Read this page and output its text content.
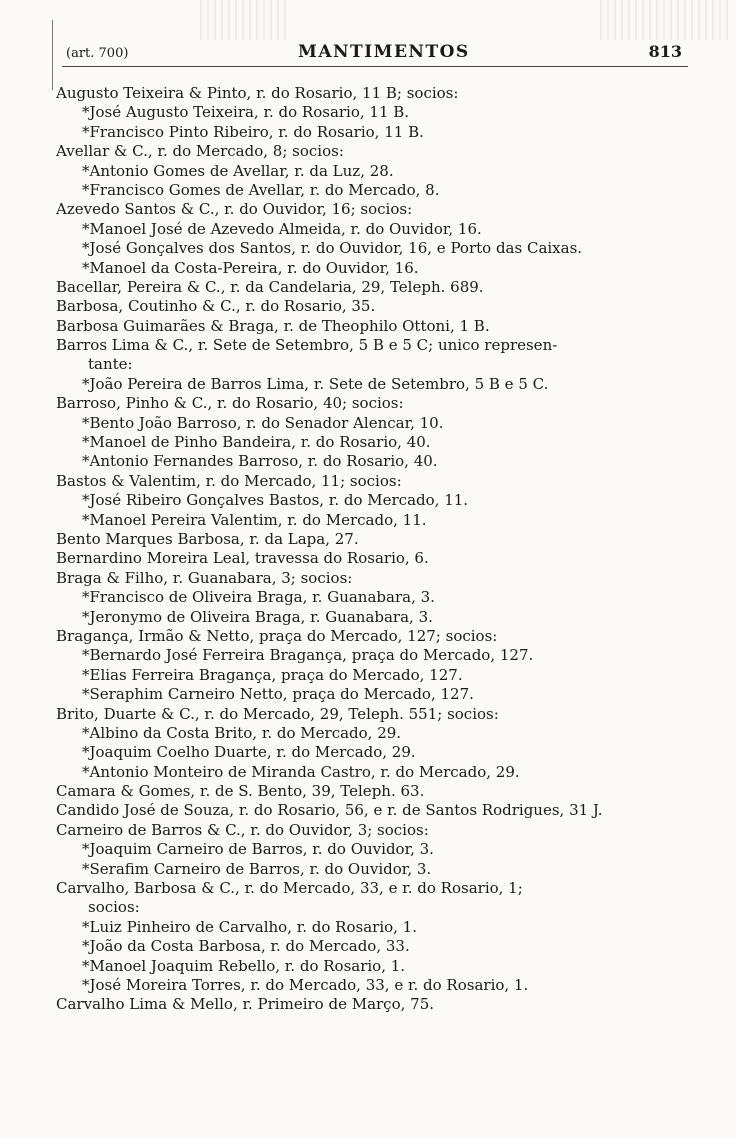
(art. 700)	MANTIMENTOS	813
Augusto Teixeira & Pinto, r. do Rosario, 11 B; socios:
*José Augusto Teixeira, r. do Rosario, 11 B.
*Francisco Pinto Ribeiro, r. do Rosario, 11 B.
Avellar & C., r. do Mercado, 8; socios:
*Antonio Gomes de Avellar, r. da Luz, 28.
*Francisco Gomes de Avellar, r. do Mercado, 8.
Azevedo Santos & C., r. do Ouvidor, 16; socios:
*Manoel José de Azevedo Almeida, r. do Ouvidor, 16.
*José Gonçalves dos Santos, r. do Ouvidor, 16, e Porto das Caixas.
*Manoel da Costa-Pereira, r. do Ouvidor, 16.
Bacellar, Pereira & C., r. da Candelaria, 29, Teleph. 689.
Barbosa, Coutinho & C., r. do Rosario, 35.
Barbosa Guimarães & Braga, r. de Theophilo Ottoni, 1 B.
Barros Lima & C., r. Sete de Setembro, 5 B e 5 C; unico represen-
tante:
*João Pereira de Barros Lima, r. Sete de Setembro, 5 B e 5 C.
Barroso, Pinho & C., r. do Rosario, 40; socios:
*Bento João Barroso, r. do Senador Alencar, 10.
*Manoel de Pinho Bandeira, r. do Rosario, 40.
*Antonio Fernandes Barroso, r. do Rosario, 40.
Bastos & Valentim, r. do Mercado, 11; socios:
*José Ribeiro Gonçalves Bastos, r. do Mercado, 11.
*Manoel Pereira Valentim, r. do Mercado, 11.
Bento Marques Barbosa, r. da Lapa, 27.
Bernardino Moreira Leal, travessa do Rosario, 6.
Braga & Filho, r. Guanabara, 3; socios:
*Francisco de Oliveira Braga, r. Guanabara, 3.
*Jeronymo de Oliveira Braga, r. Guanabara, 3.
Bragança, Irmão & Netto, praça do Mercado, 127; socios:
*Bernardo José Ferreira Bragança, praça do Mercado, 127.
*Elias Ferreira Bragança, praça do Mercado, 127.
*Seraphim Carneiro Netto, praça do Mercado, 127.
Brito, Duarte & C., r. do Mercado, 29, Teleph. 551; socios:
*Albino da Costa Brito, r. do Mercado, 29.
*Joaquim Coelho Duarte, r. do Mercado, 29.
*Antonio Monteiro de Miranda Castro, r. do Mercado, 29.
Camara & Gomes, r. de S. Bento, 39, Teleph. 63.
Candido José de Souza, r. do Rosario, 56, e r. de Santos Rodrigues, 31 J.
Carneiro de Barros & C., r. do Ouvidor, 3; socios:
*Joaquim Carneiro de Barros, r. do Ouvidor, 3.
*Serafim Carneiro de Barros, r. do Ouvidor, 3.
Carvalho, Barbosa & C., r. do Mercado, 33, e r. do Rosario, 1;
socios:
*Luiz Pinheiro de Carvalho, r. do Rosario, 1.
*João da Costa Barbosa, r. do Mercado, 33.
*Manoel Joaquim Rebello, r. do Rosario, 1.
*José Moreira Torres, r. do Mercado, 33, e r. do Rosario, 1.
Carvalho Lima & Mello, r. Primeiro de Março, 75.
